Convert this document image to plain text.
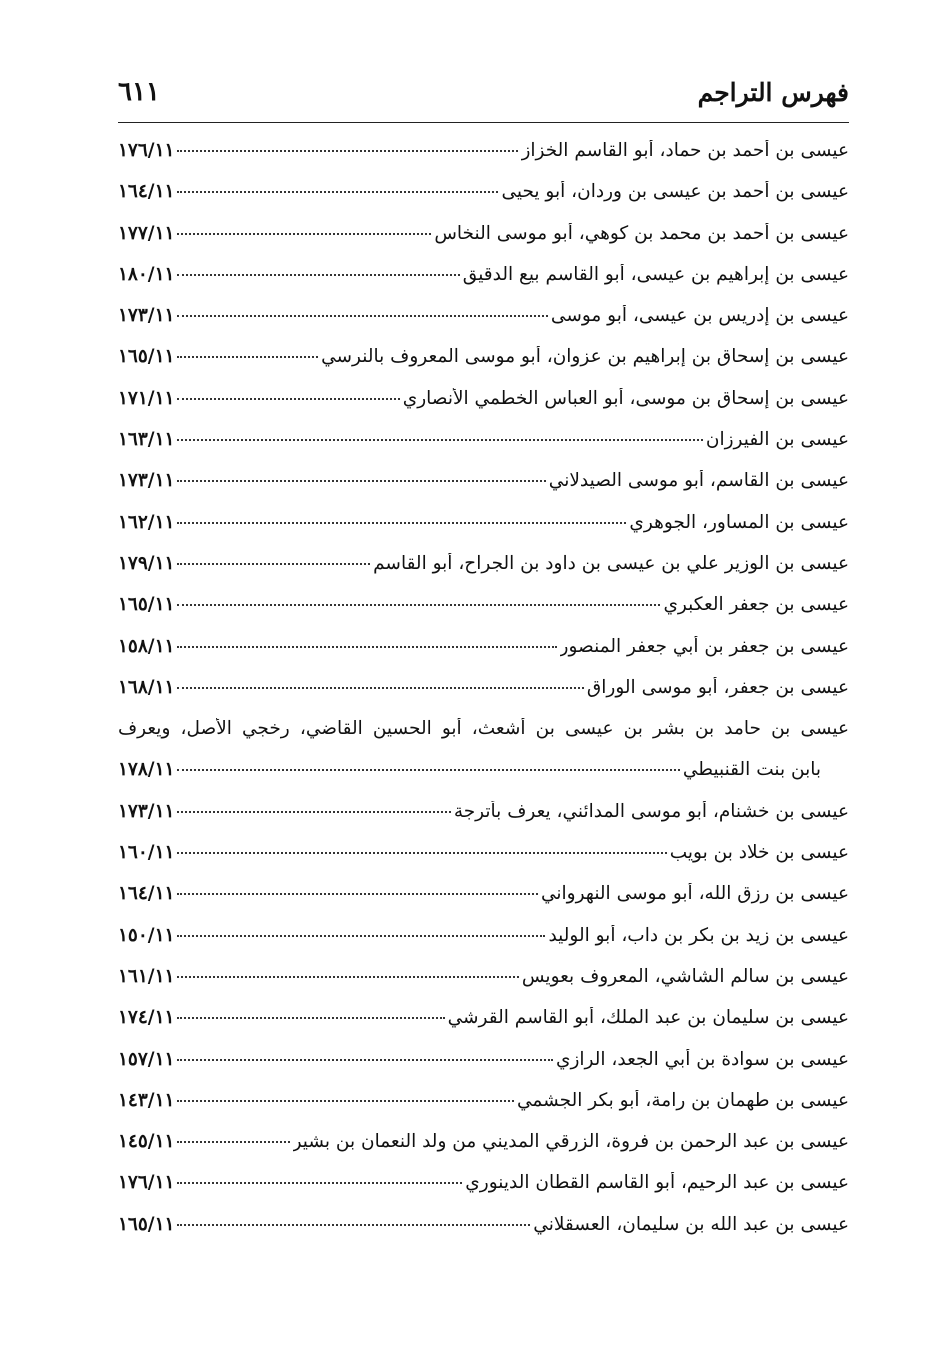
فهرس التراجم
٦١١
عيسى بن أحمد بن حماد، أبو القاسم الخزاز
١٧٦/١١
عيسى بن أحمد بن عيسى بن وردان، أبو يحيى
١٦٤/١١
عيسى بن أحمد بن محمد بن كوهي، أبو موسى النخاس
١٧٧/١١
عيسى بن إبراهيم بن عيسى، أبو القاسم بيع الدقيق
١٨٠/١١
عيسى بن إدريس بن عيسى، أبو موسى
١٧٣/١١
عيسى بن إسحاق بن إبراهيم بن عزوان، أبو موسى المعروف بالنرسي
١٦٥/١١
عيسى بن إسحاق بن موسى، أبو العباس الخطمي الأنصاري
١٧١/١١
عيسى بن الفيرزان
١٦٣/١١
عيسى بن القاسم، أبو موسى الصيدلاني
١٧٣/١١
عيسى بن المساور، الجوهري
١٦٢/١١
عيسى بن الوزير علي بن عيسى بن داود بن الجراح، أبو القاسم
١٧٩/١١
عيسى بن جعفر العكبري
١٦٥/١١
عيسى بن جعفر بن أبي جعفر المنصور
١٥٨/١١
عيسى بن جعفر، أبو موسى الوراق
١٦٨/١١
عيسى بن حامد بن بشر بن عيسى بن أشعث، أبو الحسين القاضي، رخجي الأصل، ويعرف
بابن بنت القنبيطي
١٧٨/١١
عيسى بن خشنام، أبو موسى المدائني، يعرف بأترجة
١٧٣/١١
عيسى بن خلاد بن بويب
١٦٠/١١
عيسى بن رزق الله، أبو موسى النهرواني
١٦٤/١١
عيسى بن زيد بن بكر بن داب، أبو الوليد
١٥٠/١١
عيسى بن سالم الشاشي، المعروف بعويس
١٦١/١١
عيسى بن سليمان بن عبد الملك، أبو القاسم القرشي
١٧٤/١١
عيسى بن سوادة بن أبي الجعد، الرازي
١٥٧/١١
عيسى بن طهمان بن رامة، أبو بكر الجشمي
١٤٣/١١
عيسى بن عبد الرحمن بن فروة، الزرقي المديني من ولد النعمان بن بشير
١٤٥/١١
عيسى بن عبد الرحيم، أبو القاسم القطان الدينوري
١٧٦/١١
عيسى بن عبد الله بن سليمان، العسقلاني
١٦٥/١١
